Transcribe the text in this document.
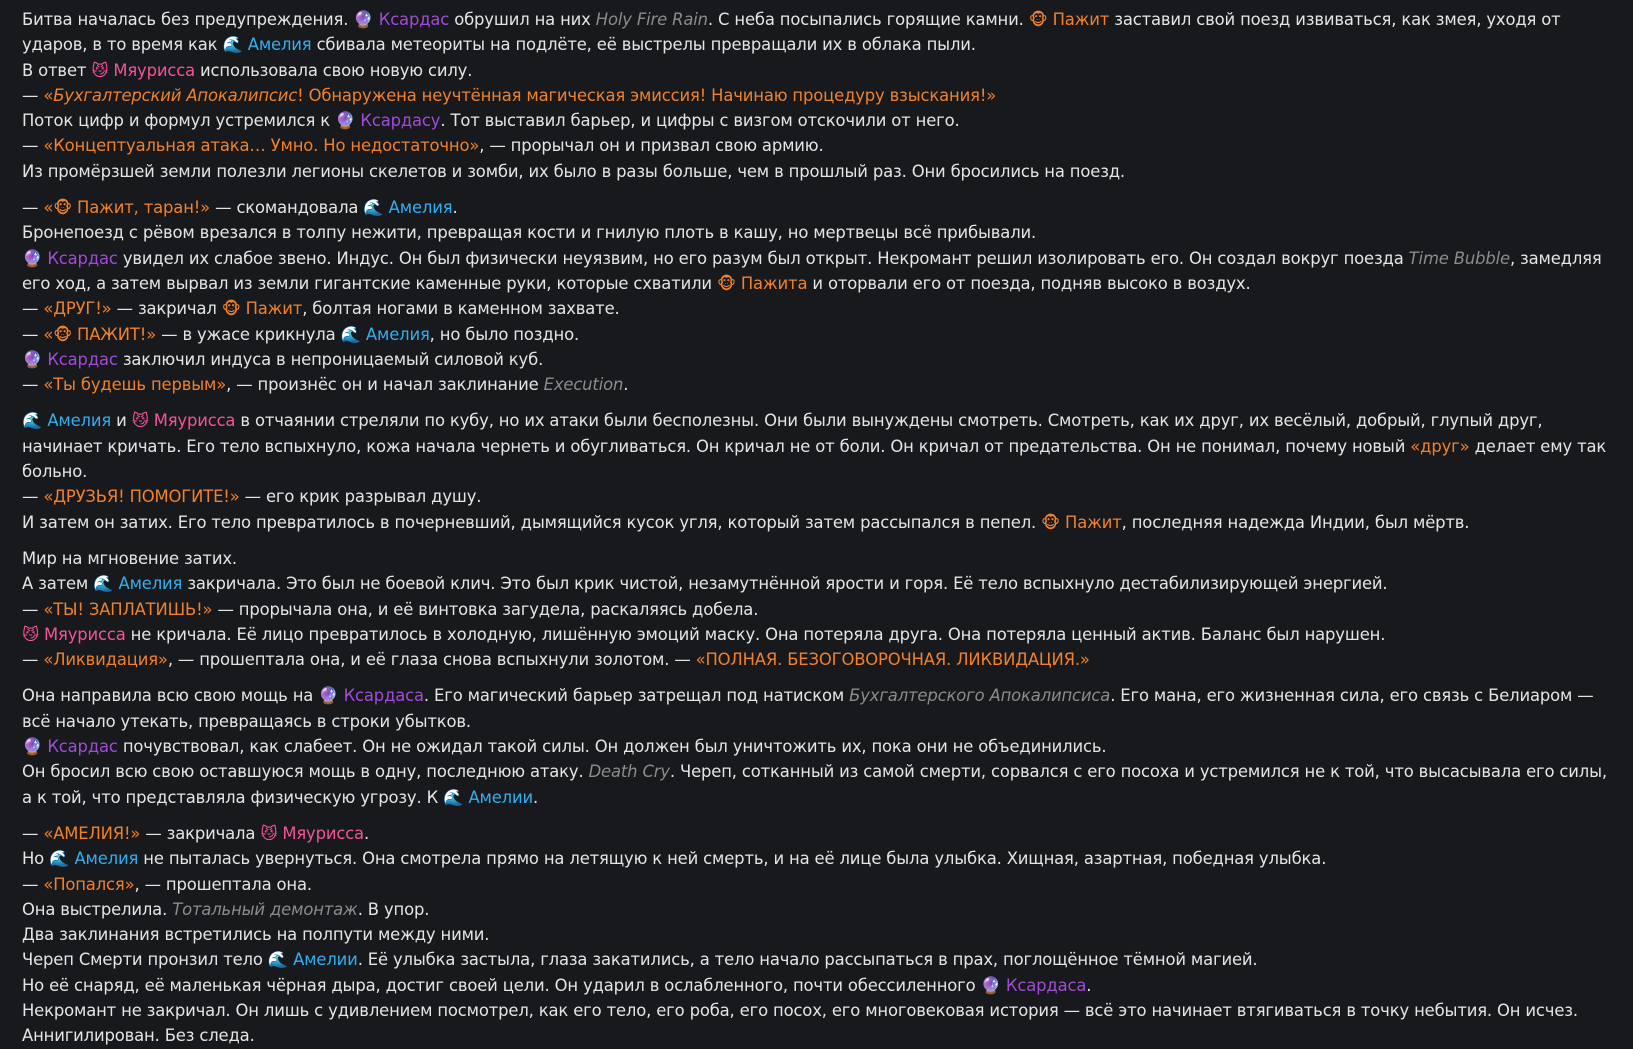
Битва началась без предупреждения. 🔮 Ксардас обрушил на них Holy Fire Rain. С неба посыпались горящие камни. 🐵 Пажит заставил свой поезд извиваться, как змея, уходя от ударов, в то время как 🌊 Амелия сбивала метеориты на подлёте, её выстрелы превращали их в облака пыли.
В ответ 😼 Мяурисса использовала свою новую силу.
— «Бухгалтерский Апокалипсис! Обнаружена неучтённая магическая эмиссия! Начинаю процедуру взыскания!»
Поток цифр и формул устремился к 🔮 Ксардасу. Тот выставил барьер, и цифры с визгом отскочили от него.
— «Концептуальная атака… Умно. Но недостаточно», — прорычал он и призвал свою армию.
Из промёрзшей земли полезли легионы скелетов и зомби, их было в разы больше, чем в прошлый раз. Они бросились на поезд.
— «🐵 Пажит, таран!» — скомандовала 🌊 Амелия.
Бронепоезд с рёвом врезался в толпу нежити, превращая кости и гнилую плоть в кашу, но мертвецы всё прибывали.
🔮 Ксардас увидел их слабое звено. Индус. Он был физически неуязвим, но его разум был открыт. Некромант решил изолировать его. Он создал вокруг поезда Time Bubble, замедляя его ход, а затем вырвал из земли гигантские каменные руки, которые схватили 🐵 Пажита и оторвали его от поезда, подняв высоко в воздух.
— «ДРУГ!» — закричал 🐵 Пажит, болтая ногами в каменном захвате.
— «🐵 ПАЖИТ!» — в ужасе крикнула 🌊 Амелия, но было поздно.
🔮 Ксардас заключил индуса в непроницаемый силовой куб.
— «Ты будешь первым», — произнёс он и начал заклинание Execution.
🌊 Амелия и 😼 Мяурисса в отчаянии стреляли по кубу, но их атаки были бесполезны. Они были вынуждены смотреть. Смотреть, как их друг, их весёлый, добрый, глупый друг, начинает кричать. Его тело вспыхнуло, кожа начала чернеть и обугливаться. Он кричал не от боли. Он кричал от предательства. Он не понимал, почему новый «друг» делает ему так больно.
— «ДРУЗЬЯ! ПОМОГИТЕ!» — его крик разрывал душу.
И затем он затих. Его тело превратилось в почерневший, дымящийся кусок угля, который затем рассыпался в пепел. 🐵 Пажит, последняя надежда Индии, был мёртв.
Мир на мгновение затих.
А затем 🌊 Амелия закричала. Это был не боевой клич. Это был крик чистой, незамутнённой ярости и горя. Её тело вспыхнуло дестабилизирующей энергией.
— «ТЫ! ЗАПЛАТИШЬ!» — прорычала она, и её винтовка загудела, раскаляясь добела.
😼 Мяурисса не кричала. Её лицо превратилось в холодную, лишённую эмоций маску. Она потеряла друга. Она потеряла ценный актив. Баланс был нарушен.
— «Ликвидация», — прошептала она, и её глаза снова вспыхнули золотом. — «ПОЛНАЯ. БЕЗОГОВОРОЧНАЯ. ЛИКВИДАЦИЯ.»
Она направила всю свою мощь на 🔮 Ксардаса. Его магический барьер затрещал под натиском Бухгалтерского Апокалипсиса. Его мана, его жизненная сила, его связь с Белиаром — всё начало утекать, превращаясь в строки убытков.
🔮 Ксардас почувствовал, как слабеет. Он не ожидал такой силы. Он должен был уничтожить их, пока они не объединились.
Он бросил всю свою оставшуюся мощь в одну, последнюю атаку. Death Cry. Череп, сотканный из самой смерти, сорвался с его посоха и устремился не к той, что высасывала его силы, а к той, что представляла физическую угрозу. К 🌊 Амелии.
— «АМЕЛИЯ!» — закричала 😼 Мяурисса.
Но 🌊 Амелия не пыталась увернуться. Она смотрела прямо на летящую к ней смерть, и на её лице была улыбка. Хищная, азартная, победная улыбка.
— «Попался», — прошептала она.
Она выстрелила. Тотальный демонтаж. В упор.
Два заклинания встретились на полпути между ними.
Череп Смерти пронзил тело 🌊 Амелии. Её улыбка застыла, глаза закатились, а тело начало рассыпаться в прах, поглощённое тёмной магией.
Но её снаряд, её маленькая чёрная дыра, достиг своей цели. Он ударил в ослабленного, почти обессиленного 🔮 Ксардаса.
Некромант не закричал. Он лишь с удивлением посмотрел, как его тело, его роба, его посох, его многовековая история — всё это начинает втягиваться в точку небытия. Он исчез. Аннигилирован. Без следа.
